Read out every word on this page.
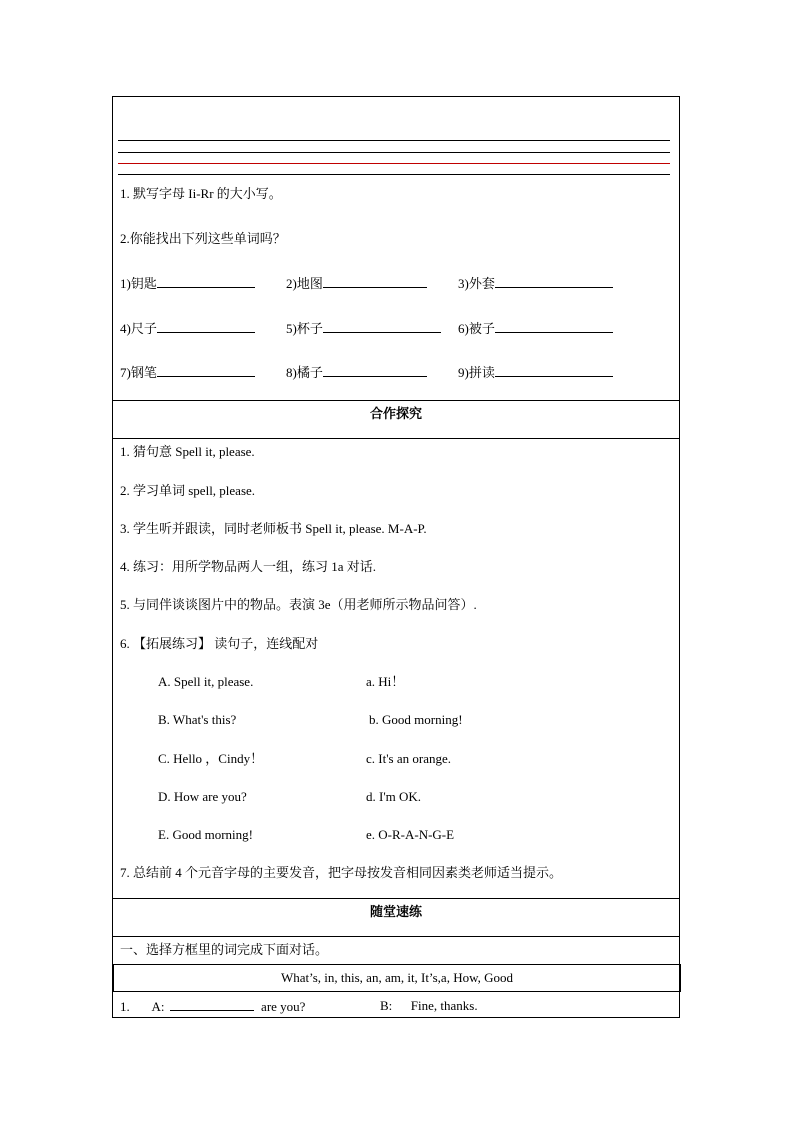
1. 默写字母 Ii-Rr 的大小写。
2.你能找出下列这些单词吗？
1)钥匙	2)地图	3)外套
4)尺子	5)杯子	6)被子
7)钢笔	8)橘子	9)拼读
合作探究
1. 猜句意 Spell it, please.
2. 学习单词 spell, please.
3. 学生听并跟读，同时老师板书 Spell it, please. M-A-P.
4. 练习：用所学物品两人一组，练习 1a 对话.
5. 与同伴谈谈图片中的物品。表演 3e（用老师所示物品问答）.
6. 【拓展练习】 读句子，连线配对
A. Spell it, please.	a. Hi！
B. What's this?	b. Good morning!
C. Hello ，Cindy！	c. It's an orange.
D. How are you?	d. I'm OK.
E. Good morning!	e. O-R-A-N-G-E
7. 总结前 4 个元音字母的主要发音，把字母按发音相同因素类老师适当提示。
随堂速练
一、选择方框里的词完成下面对话。
What’s, in, this, an, am, it, It’s,a, How, Good
1. A:	are you?	B: Fine, thanks.
